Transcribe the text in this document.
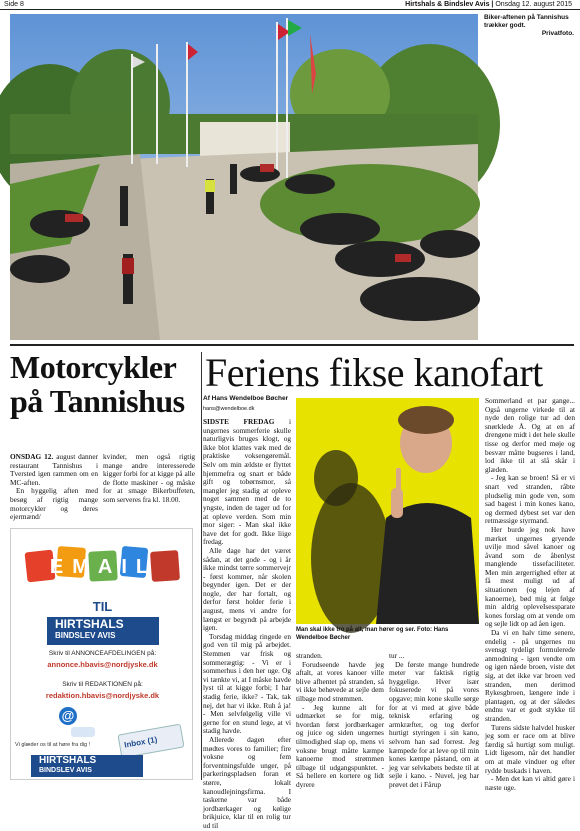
Side 8	Hirtshals & Bindslev Avis | Onsdag 12. august 2015
Biker-aftenen på Tannishus trækker godt.
Privatfoto.
Motorcykler på Tannishus

ONSDAG 12. august danner restaurant Tannishus i Tversted igen rammen om en MC-aften.

En hyggelig aften med besøg af rigtig mange motorcykler og deres ejermænd/

kvinder, men også rigtig mange andre interesserede kigger forbi for at kigge på alle de flotte maskiner - og måske for at smage Bikerbuffeten, som serveres fra kl. 18.00.
EMAIL
TIL
HIRTSHALS
BINDSLEV AVIS
Skriv til ANNONCEAFDELINGEN på:
annonce.hbavis@nordjyske.dk
Skriv til REDAKTIONEN på:
redaktion.hbavis@nordjyske.dk
@
Vi glæder os til at høre fra dig !	Inbox (1)
HIRTSHALS
BINDSLEV AVIS
Feriens fikse kanofart
Af Hans Wendelboe Bøcher
hans@wendelboe.dk

SIDSTE FREDAG i ungernes sommerferie skulle naturligvis bruges klogt, og ikke blot klattes væk med de praktiske voksengøremål. Selv om min ældste er flyttet hjemmefra og snart er både gift og tobørnsmor, så mangler jeg stadig at opleve noget sammen med de to yngste, inden de tager ud for at opleve verden. Som min mor siger: - Man skal ikke have det for godt. Ikke liige fredag.

Alle dage har det været sådan, at det gode - og i år ikke mindst tørre sommervejr - først kommer, når skolen begynder igen. Det er der nogle, der har fortalt, og derfor først holder ferie i august, mens vi andre for længst er begyndt på arbejde igen.

Torsdag middag ringede en god ven til mig på arbejdet. Stemmen var frisk og sommerægtig: - Vi er i sommerhus i den her uge. Og vi tænkte vi, at I måske havde lyst til at kigge forbi; I har stadig ferie, ikke? - Tak, tak nej, det har vi ikke. Ruh å ja! - Men selvfølgelig ville vi gerne for en stund lege, at vi stadig havde.

Allerede dagen efter mødtes vores to familier; fire voksne og fem forventningsfulde unger, på parkeringspladsen foran et større, lokalt kanoudlejningsfirma. I taskerne var både jordbærkager og kølige brikjuice, klar til en rolig tur ud til

Man skal ikke tro på alt, man hører og ser. Foto: Hans Wendelboe Bøcher

stranden.

Forudseende havde jeg aftalt, at vores kanoer ville blive afhentet på stranden, så vi ikke behøvede at sejle dem tilbage mod strømmen.

- Jeg kunne alt for udmærket se for mig, hvordan først jordbærkager og juice og siden ungernes tilmodighed slap op, mens vi voksne brugt måtte kæmpe kanoerne mod strømmen tilbage til udgangspunktet. - Så hellere en kortere og lidt dyrere

tur ...

De første mange hundrede meter var faktisk rigtig hyggelige. Hver især fokuserede vi på vores opgave; min kone skulle sørge for at vi med at give både teknisk erfaring og armkræfter, og tog derfor hurtigt styringen i sin kano, selvom han sad forrest. Jeg kæmpede for at leve op til min kones kæmpe påstand, om at jeg var selvkabets bedste til at sejle i kano. - Nuvel, jeg har prøvet det i Fårup

Sommerland et par gange... Også ungerne virkede til at nyde den rolige tur ad den snørklede Å. Og at en af drengene midt i det hele skulle tisse og derfor med møje og besvær måtte bugseres i land, lod ikke til at slå skår i glæden.

- Jeg kan se broen! Så er vi snart ved stranden, råbte pludselig min gode ven, som sad bagest i min kones kano, og dermed dybest set var den retmæssige styrmand.

Her burde jeg nok have mærket ungernes gryende uvilje mod såvel kanoer og åvand som de åbenlyst manglende tissefaciliteter. Men min ærgerrighed efter at få mest muligt ud af situationen (og lejen af kanoerne), bød mig at følge min aldrig opleveIsessparate kones forslag om at vende om og sejle lidt op ad åen igen.

Da vi en halv time senere, endelig - på ungernes nu svensgt tydeligt formulerede anmodning - igen vendte om og igen nåede broen, viste det sig, at det ikke var broen ved stranden, men derimod Rykesgbroen, længere inde i plantagen, og at der således endnu var et godt stykke til stranden.

Turens sidste halvdel husker jeg som er race om at blive færdig så hurtigt som muligt. Lidt ligesom, når det handler om at male vinduer og efter rydde buskads i haven.

- Men det kan vi altid gøre i næste uge.
